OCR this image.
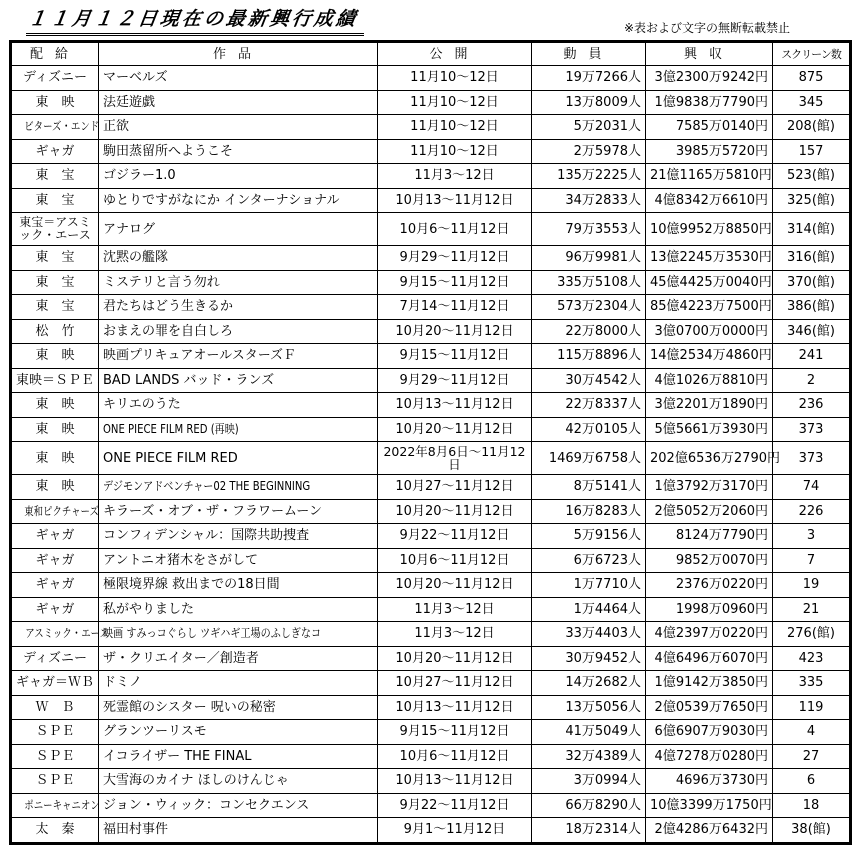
１１月１２日現在の最新興行成績	※表および文字の無断転載禁止
配給	作品	公開	動員	興収	スクリーン数
ディズニー	マーベルズ	11月10～12日	19万7266人	3億2300万9242円	875
東　映	法廷遊戯	11月10～12日	13万8009人	1億9838万7790円	345
ビターズ・エンド	正欲	11月10～12日	5万2031人	7585万0140円	208(館)
ギャガ	駒田蒸留所へようこそ	11月10～12日	2万5978人	3985万5720円	157
東　宝	ゴジラー1.0	11月3～12日	135万2225人	21億1165万5810円	523(館)
東　宝	ゆとりですがなにか インターナショナル	10月13～11月12日	34万2833人	4億8342万6610円	325(館)
東宝＝アスミック・エース	アナログ	10月6～11月12日	79万3553人	10億9952万8850円	314(館)
東　宝	沈黙の艦隊	9月29～11月12日	96万9981人	13億2245万3530円	316(館)
東　宝	ミステリと言う勿れ	9月15～11月12日	335万5108人	45億4425万0040円	370(館)
東　宝	君たちはどう生きるか	7月14～11月12日	573万2304人	85億4223万7500円	386(館)
松　竹	おまえの罪を自白しろ	10月20～11月12日	22万8000人	3億0700万0000円	346(館)
東　映	映画プリキュアオールスターズＦ	9月15～11月12日	115万8896人	14億2534万4860円	241
東映＝ＳＰＥ	BAD LANDS バッド・ランズ	9月29～11月12日	30万4542人	4億1026万8810円	2
東　映	キリエのうた	10月13～11月12日	22万8337人	3億2201万1890円	236
東　映	ONE PIECE FILM RED (再映)	10月20～11月12日	42万0105人	5億5661万3930円	373
東　映	ONE PIECE FILM RED	2022年8月6日～11月12日	1469万6758人	202億6536万2790円	373
東　映	デジモンアドベンチャー02 THE BEGINNING	10月27～11月12日	8万5141人	1億3792万3170円	74
東和ピクチャーズ	キラーズ・オブ・ザ・フラワームーン	10月20～11月12日	16万8283人	2億5052万2060円	226
ギャガ	コンフィデンシャル：国際共助捜査	9月22～11月12日	5万9156人	8124万7790円	3
ギャガ	アントニオ猪木をさがして	10月6～11月12日	6万6723人	9852万0070円	7
ギャガ	極限境界線 救出までの18日間	10月20～11月12日	1万7710人	2376万0220円	19
ギャガ	私がやりました	11月3～12日	1万4464人	1998万0960円	21
アスミック・エース	映画 すみっコぐらし ツギハギ工場のふしぎなコ	11月3～12日	33万4403人	4億2397万0220円	276(館)
ディズニー	ザ・クリエイター／創造者	10月20～11月12日	30万9452人	4億6496万6070円	423
ギャガ＝ＷＢ	ドミノ	10月27～11月12日	14万2682人	1億9142万3850円	335
Ｗ　Ｂ	死霊館のシスター 呪いの秘密	10月13～11月12日	13万5056人	2億0539万7650円	119
ＳＰＥ	グランツーリスモ	9月15～11月12日	41万5049人	6億6907万9030円	4
ＳＰＥ	イコライザー THE FINAL	10月6～11月12日	32万4389人	4億7278万0280円	27
ＳＰＥ	大雪海のカイナ ほしのけんじゃ	10月13～11月12日	3万0994人	4696万3730円	6
ポニーキャニオン	ジョン・ウィック：コンセクエンス	9月22～11月12日	66万8290人	10億3399万1750円	18
太　秦	福田村事件	9月1～11月12日	18万2314人	2億4286万6432円	38(館)
